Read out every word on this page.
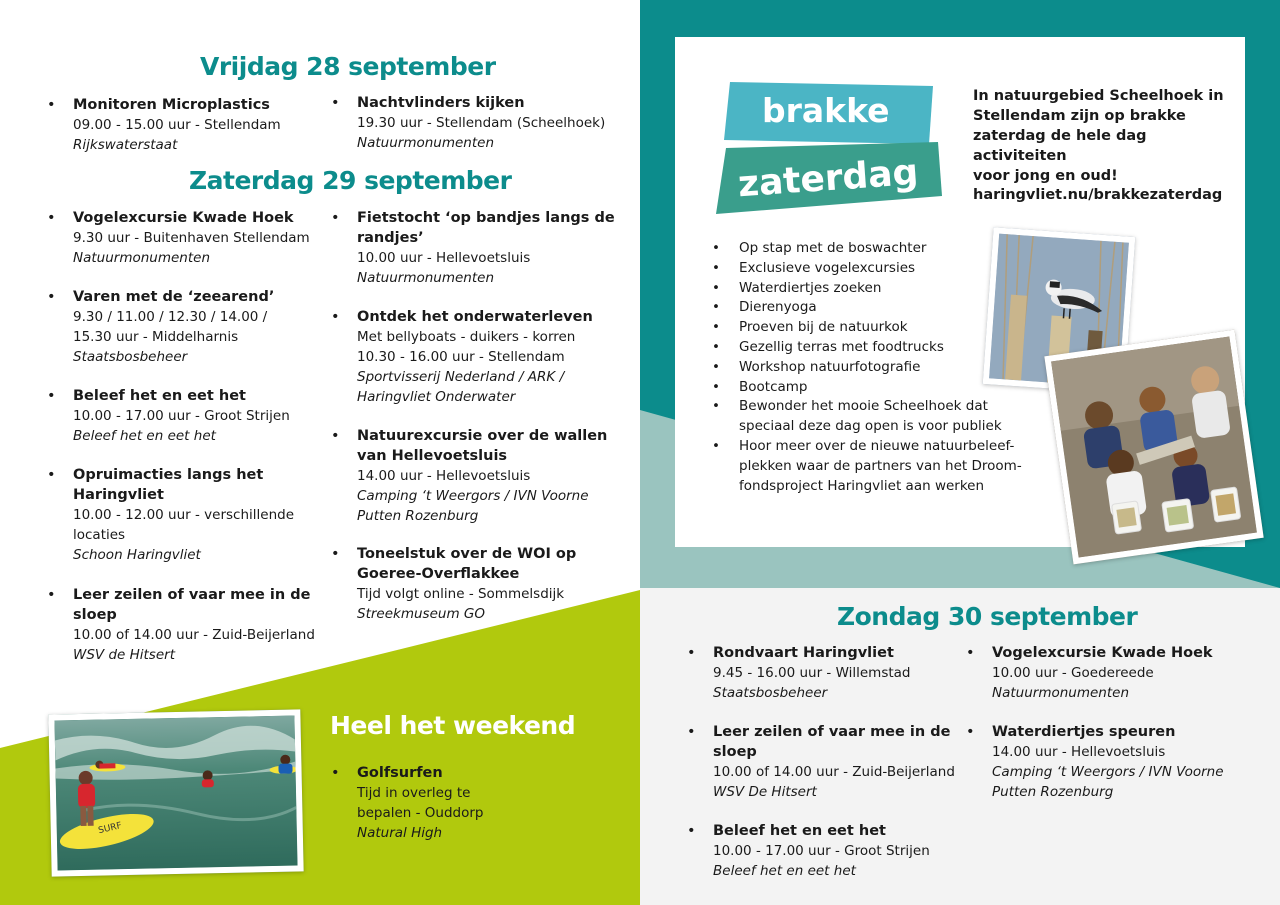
Vrijdag 28 september
• Monitoren Microplastics
09.00 - 15.00 uur - Stellendam
Rijkswaterstaat
• Nachtvlinders kijken
19.30 uur - Stellendam (Scheelhoek)
Natuurmonumenten
Zaterdag 29 september
• Vogelexcursie Kwade Hoek
9.30 uur - Buitenhaven Stellendam
Natuurmonumenten
• Varen met de ‘zeearend’
9.30 / 11.00 / 12.30 / 14.00 /
15.30 uur - Middelharnis
Staatsbosbeheer
• Beleef het en eet het
10.00 - 17.00 uur - Groot Strijen
Beleef het en eet het
• Opruimacties langs het
Haringvliet
10.00 - 12.00 uur - verschillende
locaties
Schoon Haringvliet
• Leer zeilen of vaar mee in de
sloep
10.00 of 14.00 uur - Zuid-Beijerland
WSV de Hitsert
• Fietstocht ‘op bandjes langs de
randjes’
10.00 uur - Hellevoetsluis
Natuurmonumenten
• Ontdek het onderwaterleven
Met bellyboats - duikers - korren
10.30 - 16.00 uur - Stellendam
Sportvisserij Nederland / ARK /
Haringvliet Onderwater
• Natuurexcursie over de wallen
van Hellevoetsluis
14.00 uur - Hellevoetsluis
Camping ‘t Weergors / IVN Voorne
Putten Rozenburg
• Toneelstuk over de WOI op
Goeree-Overflakkee
Tijd volgt online - Sommelsdijk
Streekmuseum GO
SURF
Heel het weekend
• Golfsurfen
Tijd in overleg te
bepalen - Ouddorp
Natural High
brakke
zaterdag
In natuurgebied Scheelhoek in
Stellendam zijn op brakke
zaterdag de hele dag activiteiten
voor jong en oud!
haringvliet.nu/brakkezaterdag
• Op stap met de boswachter
• Exclusieve vogelexcursies
• Waterdiertjes zoeken
• Dierenyoga
• Proeven bij de natuurkok
• Gezellig terras met foodtrucks
• Workshop natuurfotografie
• Bootcamp
• Bewonder het mooie Scheelhoek dat
speciaal deze dag open is voor publiek
• Hoor meer over de nieuwe natuurbeleef-
plekken waar de partners van het Droom-
fondsproject Haringvliet aan werken
Zondag 30 september
• Rondvaart Haringvliet
9.45 - 16.00 uur - Willemstad
Staatsbosbeheer
• Leer zeilen of vaar mee in de
sloep
10.00 of 14.00 uur - Zuid-Beijerland
WSV De Hitsert
• Beleef het en eet het
10.00 - 17.00 uur - Groot Strijen
Beleef het en eet het
• Vogelexcursie Kwade Hoek
10.00 uur - Goedereede
Natuurmonumenten
• Waterdiertjes speuren
14.00 uur - Hellevoetsluis
Camping ‘t Weergors / IVN Voorne
Putten Rozenburg
